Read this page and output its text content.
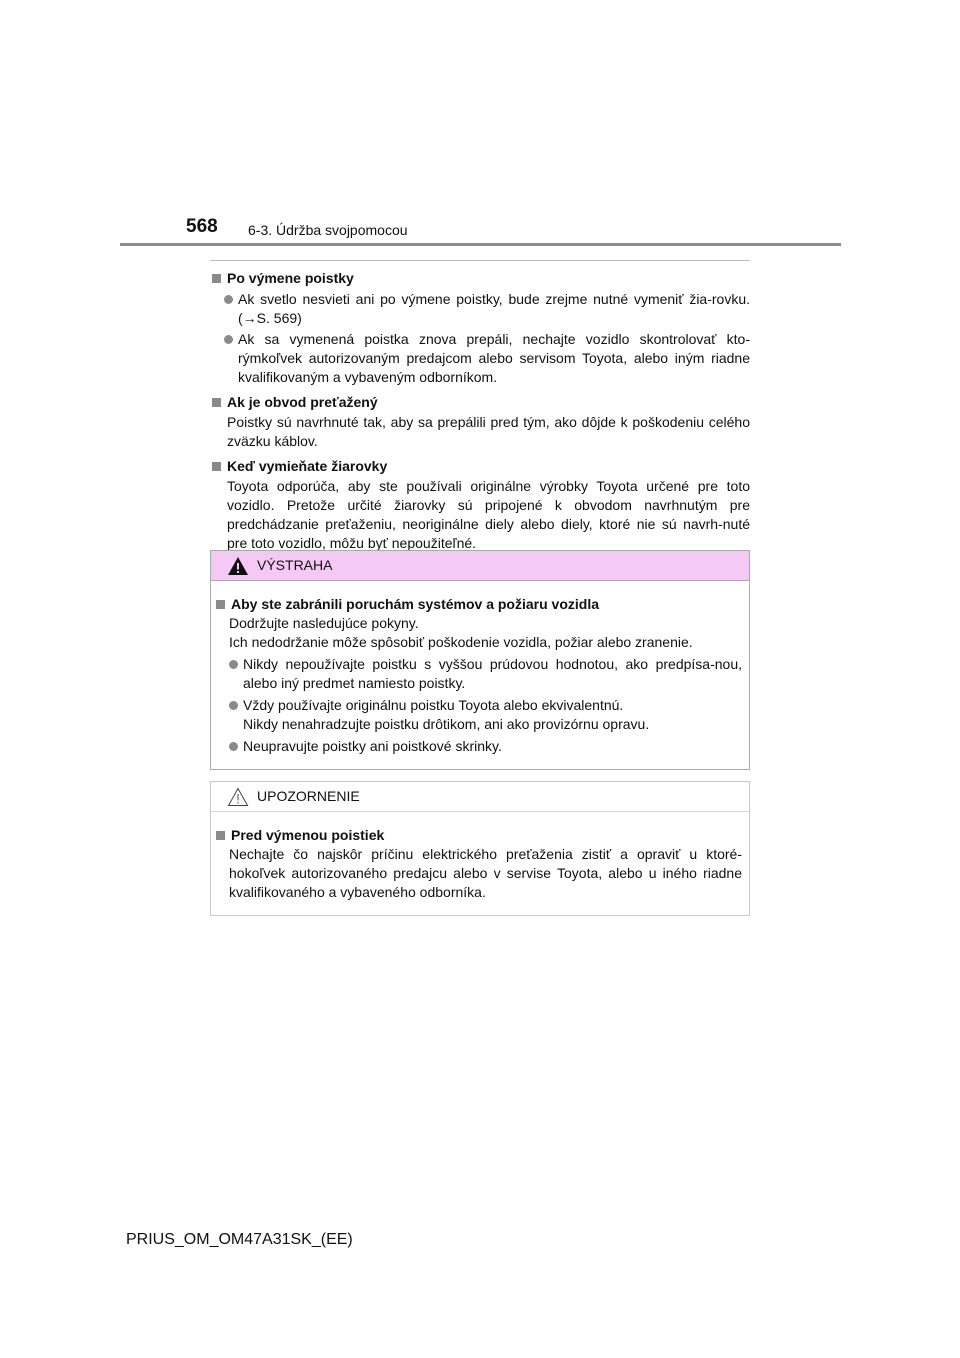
568 6-3. Údržba svojpomocou
Po výmene poistky
Ak svetlo nesvieti ani po výmene poistky, bude zrejme nutné vymeniť žia-rovku. (→S. 569)
Ak sa vymenená poistka znova prepáli, nechajte vozidlo skontrolovať kto-rýmkoľvek autorizovaným predajcom alebo servisom Toyota, alebo iným riadne kvalifikovaným a vybaveným odborníkom.
Ak je obvod preťažený
Poistky sú navrhnuté tak, aby sa prepálili pred tým, ako dôjde k poškodeniu celého zväzku káblov.
Keď vymieňate žiarovky
Toyota odporúča, aby ste používali originálne výrobky Toyota určené pre toto vozidlo. Pretože určité žiarovky sú pripojené k obvodom navrhnutým pre predchádzanie preťaženiu, neoriginálne diely alebo diely, ktoré nie sú navrh-nuté pre toto vozidlo, môžu byť nepoužiteľné.
VÝSTRAHA
Aby ste zabránili poruchám systémov a požiaru vozidla
Dodržujte nasledujúce pokyny.
Ich nedodržanie môže spôsobiť poškodenie vozidla, požiar alebo zranenie.
Nikdy nepoužívajte poistku s vyššou prúdovou hodnotou, ako predpísa-nou, alebo iný predmet namiesto poistky.
Vždy používajte originálnu poistku Toyota alebo ekvivalentnú.
Nikdy nenahradzujte poistku drôtikom, ani ako provizórnu opravu.
Neupravujte poistky ani poistkové skrinky.
UPOZORNENIE
Pred výmenou poistiek
Nechajte čo najskôr príčinu elektrického preťaženia zistiť a opraviť u ktoré-hokoľvek autorizovaného predajcu alebo v servise Toyota, alebo u iného riadne kvalifikovaného a vybaveného odborníka.
PRIUS_OM_OM47A31SK_(EE)
